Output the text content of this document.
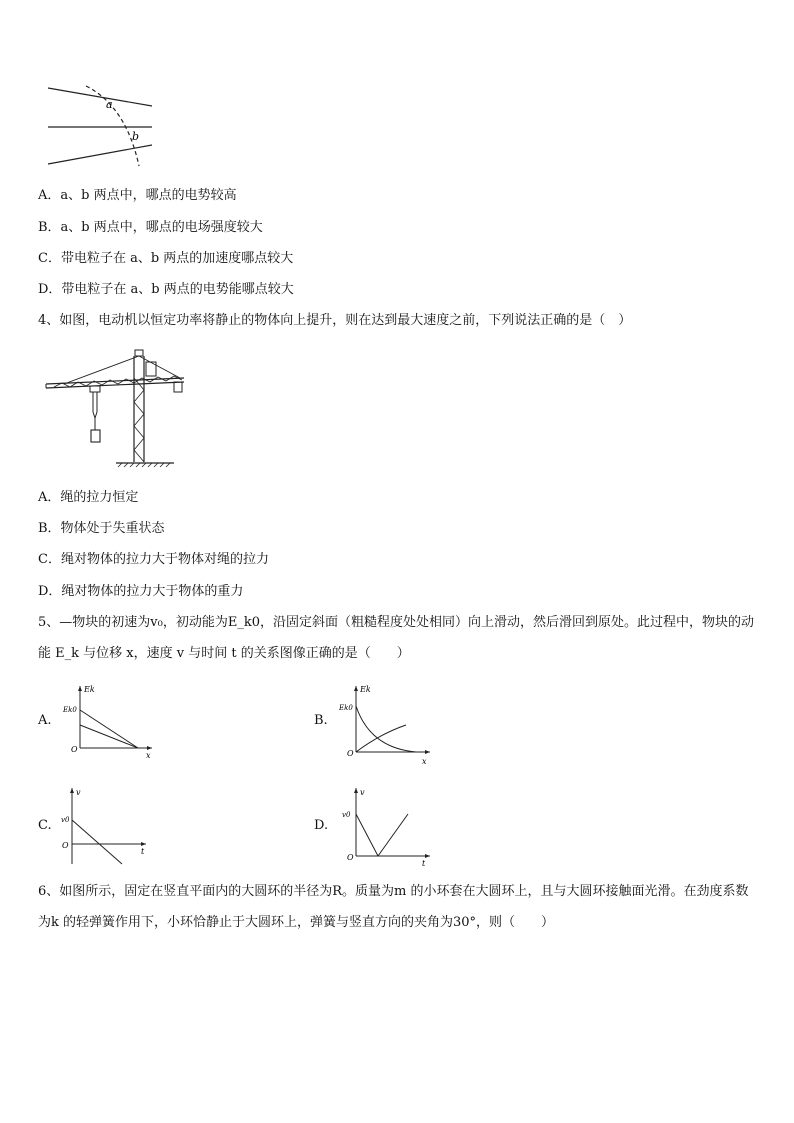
a
b
A．a、b 两点中，哪点的电势较高
B．a、b 两点中，哪点的电场强度较大
C．带电粒子在 a、b 两点的加速度哪点较大
D．带电粒子在 a、b 两点的电势能哪点较大
4、如图，电动机以恒定功率将静止的物体向上提升，则在达到最大速度之前，下列说法正确的是（　）
A．绳的拉力恒定
B．物体处于失重状态
C．绳对物体的拉力大于物体对绳的拉力
D．绳对物体的拉力大于物体的重力
5、—物块的初速为v₀，初动能为E_k0，沿固定斜面（粗糙程度处处相同）向上滑动，然后滑回到原处。此过程中，物块的动能 E_k 与位移 x，速度 v 与时间 t 的关系图像正确的是（　　）
A.
Ek
Ek0
O
x
B.
Ek
Ek0
O
x
C.
v
v0
O
t
D.
v
v0
O
t
6、如图所示，固定在竖直平面内的大圆环的半径为R。质量为m 的小环套在大圆环上，且与大圆环接触面光滑。在劲度系数为k 的轻弹簧作用下，小环恰静止于大圆环上，弹簧与竖直方向的夹角为30°，则（　　）
